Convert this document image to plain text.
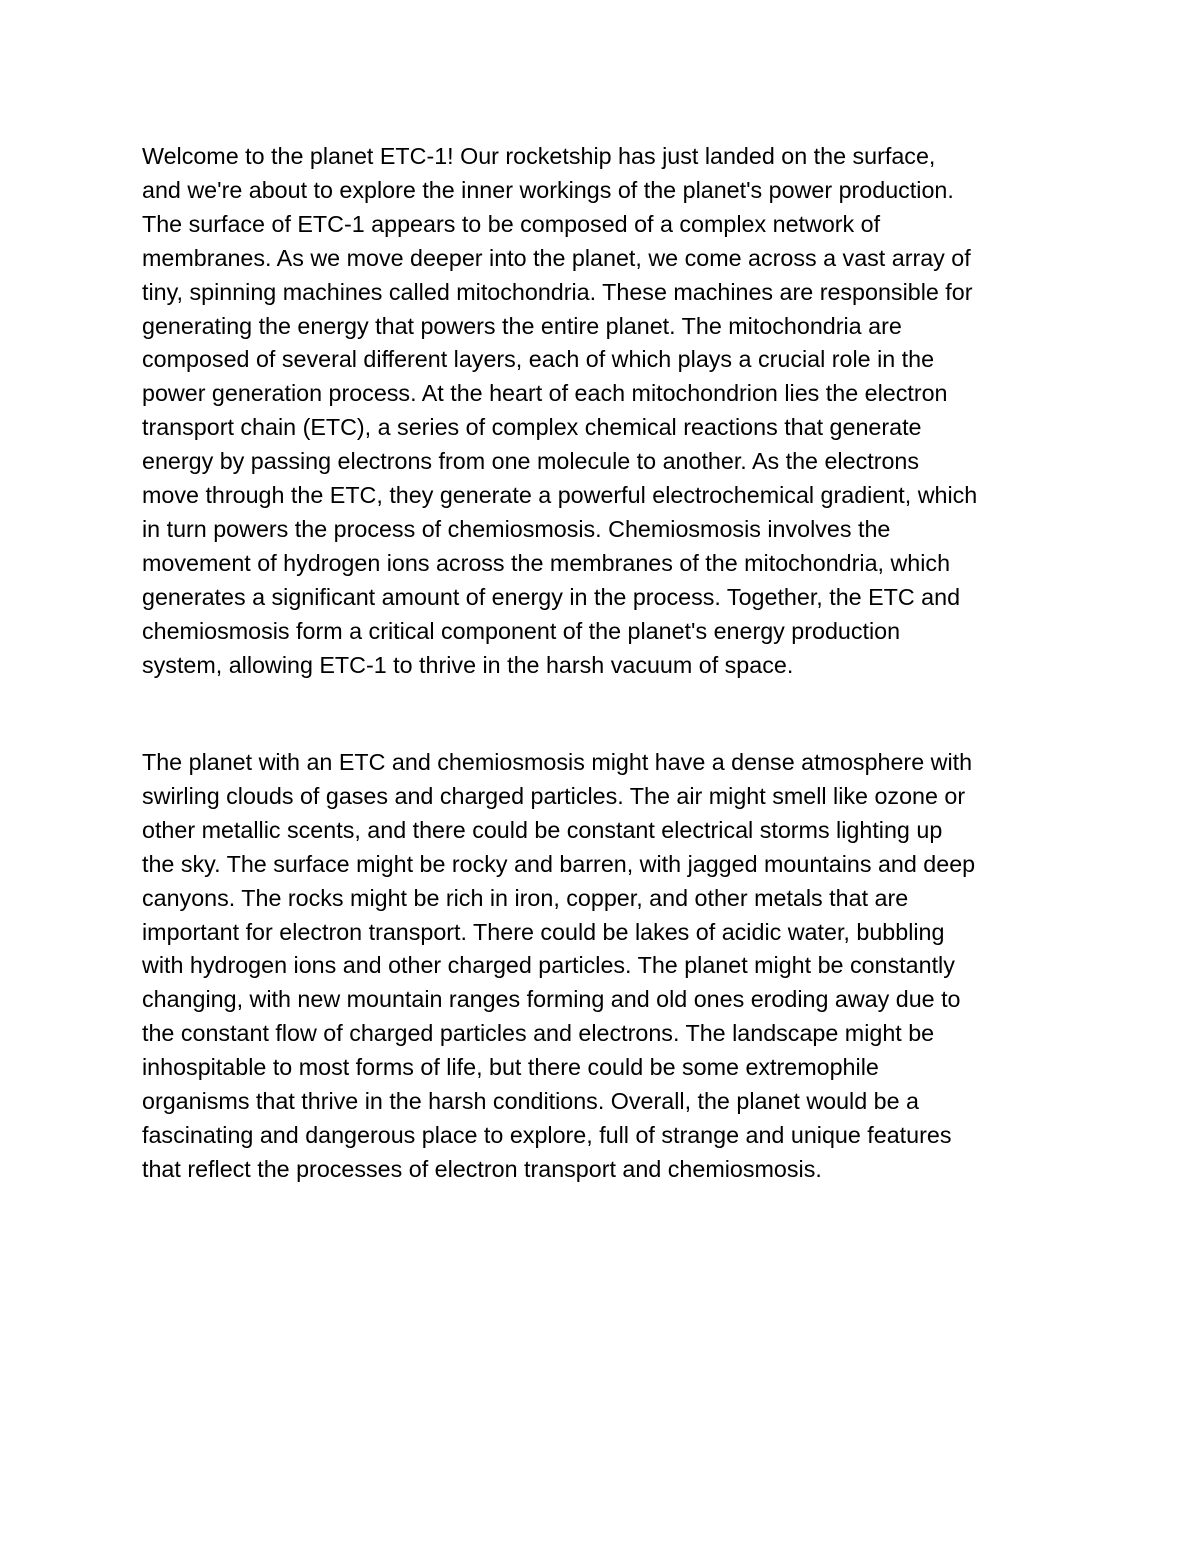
Welcome to the planet ETC-1! Our rocketship has just landed on the surface,
and we're about to explore the inner workings of the planet's power production.
The surface of ETC-1 appears to be composed of a complex network of
membranes. As we move deeper into the planet, we come across a vast array of
tiny, spinning machines called mitochondria. These machines are responsible for
generating the energy that powers the entire planet. The mitochondria are
composed of several different layers, each of which plays a crucial role in the
power generation process. At the heart of each mitochondrion lies the electron
transport chain (ETC), a series of complex chemical reactions that generate
energy by passing electrons from one molecule to another. As the electrons
move through the ETC, they generate a powerful electrochemical gradient, which
in turn powers the process of chemiosmosis. Chemiosmosis involves the
movement of hydrogen ions across the membranes of the mitochondria, which
generates a significant amount of energy in the process. Together, the ETC and
chemiosmosis form a critical component of the planet's energy production
system, allowing ETC-1 to thrive in the harsh vacuum of space.

The planet with an ETC and chemiosmosis might have a dense atmosphere with
swirling clouds of gases and charged particles. The air might smell like ozone or
other metallic scents, and there could be constant electrical storms lighting up
the sky. The surface might be rocky and barren, with jagged mountains and deep
canyons. The rocks might be rich in iron, copper, and other metals that are
important for electron transport. There could be lakes of acidic water, bubbling
with hydrogen ions and other charged particles. The planet might be constantly
changing, with new mountain ranges forming and old ones eroding away due to
the constant flow of charged particles and electrons. The landscape might be
inhospitable to most forms of life, but there could be some extremophile
organisms that thrive in the harsh conditions. Overall, the planet would be a
fascinating and dangerous place to explore, full of strange and unique features
that reflect the processes of electron transport and chemiosmosis.
